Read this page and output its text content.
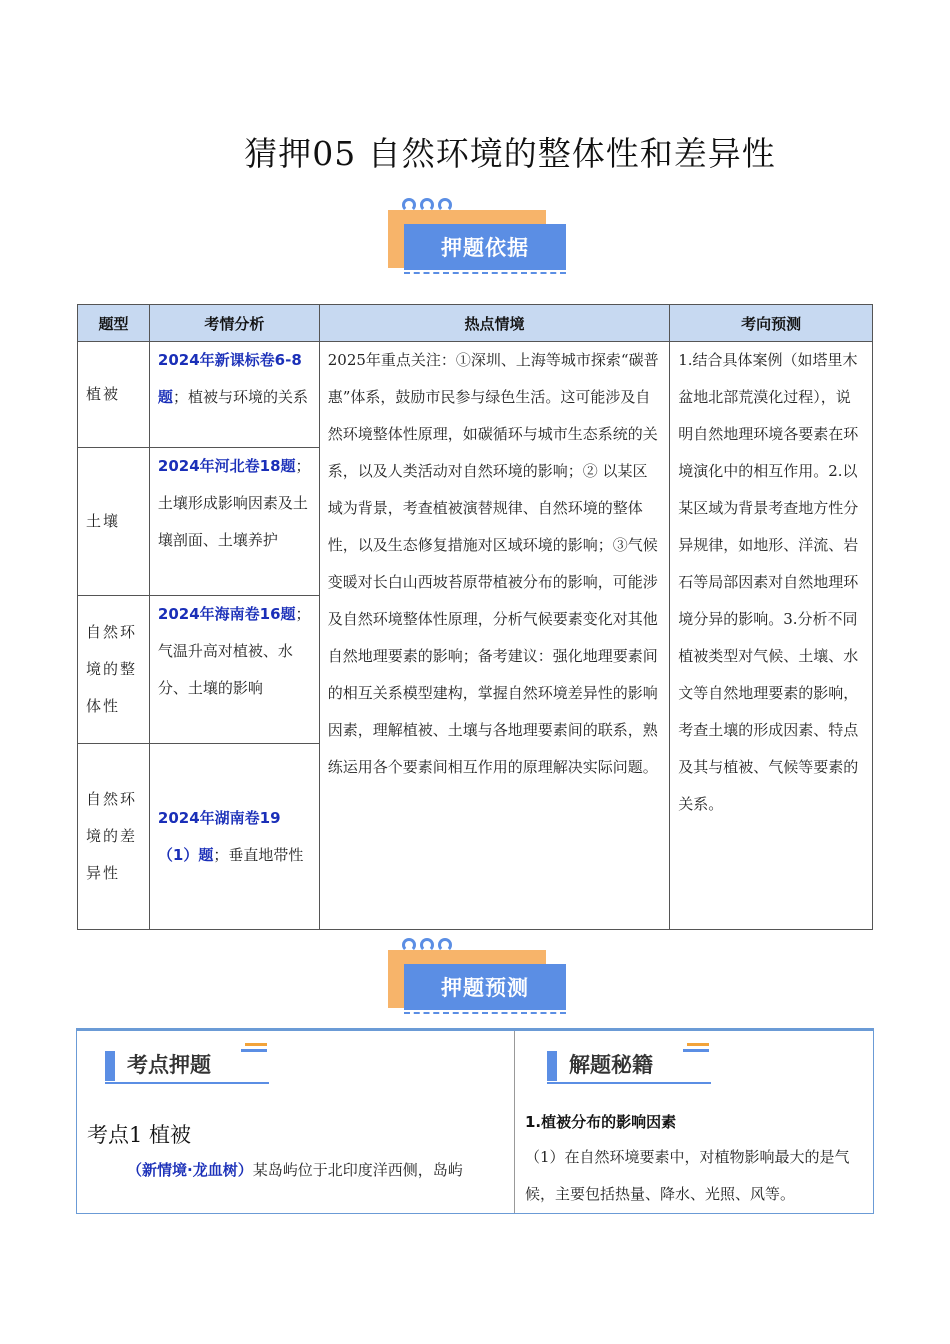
猜押05 自然环境的整体性和差异性
押题依据
题型	考情分析	热点情境	考向预测
植被	2024年新课标卷6-8题；植被与环境的关系	2025年重点关注：①深圳、上海等城市探索“碳普惠”体系，鼓励市民参与绿色生活。这可能涉及自然环境整体性原理，如碳循环与城市生态系统的关系，以及人类活动对自然环境的影响；② 以某区域为背景，考查植被演替规律、自然环境的整体性，以及生态修复措施对区域环境的影响；③气候变暖对长白山西坡苔原带植被分布的影响，可能涉及自然环境整体性原理，分析气候要素变化对其他自然地理要素的影响；备考建议：强化地理要素间的相互关系模型建构，掌握自然环境差异性的影响因素，理解植被、土壤与各地理要素间的联系，熟练运用各个要素间相互作用的原理解决实际问题。	1.结合具体案例（如塔里木盆地北部荒漠化过程），说明自然地理环境各要素在环境演化中的相互作用。2.以某区域为背景考查地方性分异规律，如地形、洋流、岩石等局部因素对自然地理环境分异的影响。3.分析不同植被类型对气候、土壤、水文等自然地理要素的影响，考查土壤的形成因素、特点及其与植被、气候等要素的关系。
土壤	2024年河北卷18题；土壤形成影响因素及土壤剖面、土壤养护		
自然环境的整体性	2024年海南卷16题；气温升高对植被、水分、土壤的影响		
自然环境的差异性	2024年湖南卷19（1）题；垂直地带性		
押题预测
考点押题	解题秘籍
考点1 植被
（新情境·龙血树）某岛屿位于北印度洋西侧，岛屿
1.植被分布的影响因素
（1）在自然环境要素中，对植物影响最大的是气候，主要包括热量、降水、光照、风等。
